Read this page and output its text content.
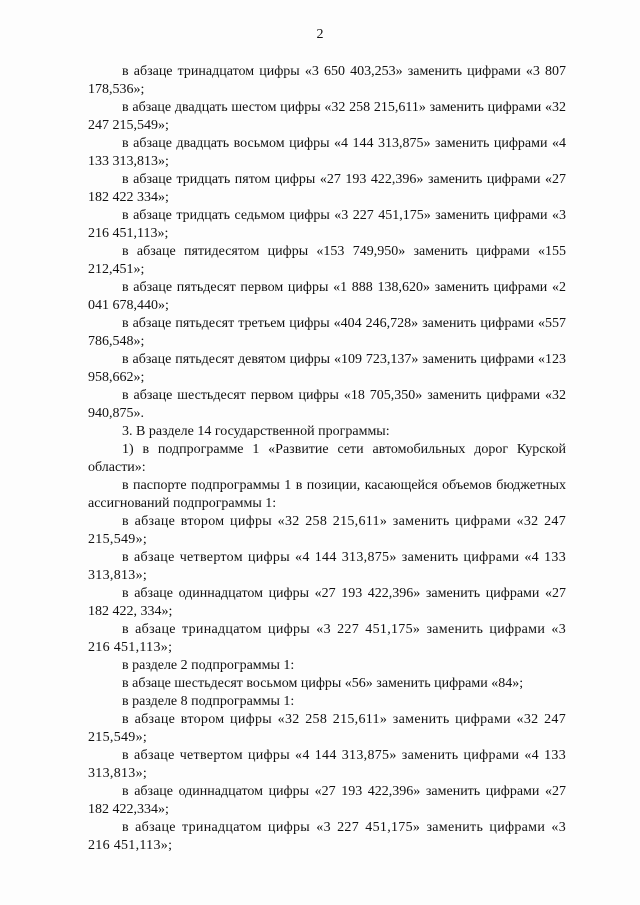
2

в абзаце тринадцатом цифры «3 650 403,253» заменить цифрами «3 807 178,536»;

в абзаце двадцать шестом цифры «32 258 215,611» заменить цифрами «32 247 215,549»;

в абзаце двадцать восьмом цифры «4 144 313,875» заменить цифрами «4 133 313,813»;

в абзаце тридцать пятом цифры «27 193 422,396» заменить цифрами «27 182 422 334»;

в абзаце тридцать седьмом цифры «3 227 451,175» заменить цифрами «3 216 451,113»;

в абзаце пятидесятом цифры «153 749,950» заменить цифрами «155 212,451»;

в абзаце пятьдесят первом цифры «1 888 138,620» заменить цифрами «2 041 678,440»;

в абзаце пятьдесят третьем цифры «404 246,728» заменить цифрами «557 786,548»;

в абзаце пятьдесят девятом цифры «109 723,137» заменить цифрами «123 958,662»;

в абзаце шестьдесят первом цифры «18 705,350» заменить цифрами «32 940,875».

3. В разделе 14 государственной программы:

1) в подпрограмме 1 «Развитие сети автомобильных дорог Курской области»:

в паспорте подпрограммы 1 в позиции, касающейся объемов бюджетных ассигнований подпрограммы 1:

в абзаце втором цифры «32 258 215,611» заменить цифрами «32 247 215,549»;

в абзаце четвертом цифры «4 144 313,875» заменить цифрами «4 133 313,813»;

в абзаце одиннадцатом цифры «27 193 422,396» заменить цифрами «27 182 422, 334»;

в абзаце тринадцатом цифры «3 227 451,175» заменить цифрами «3 216 451,113»;

в разделе 2 подпрограммы 1:

в абзаце шестьдесят восьмом цифры «56» заменить цифрами «84»;

в разделе 8 подпрограммы 1:

в абзаце втором цифры «32 258 215,611» заменить цифрами «32 247 215,549»;

в абзаце четвертом цифры «4 144 313,875» заменить цифрами «4 133 313,813»;

в абзаце одиннадцатом цифры «27 193 422,396» заменить цифрами «27 182 422,334»;

в абзаце тринадцатом цифры «3 227 451,175» заменить цифрами «3 216 451,113»;
